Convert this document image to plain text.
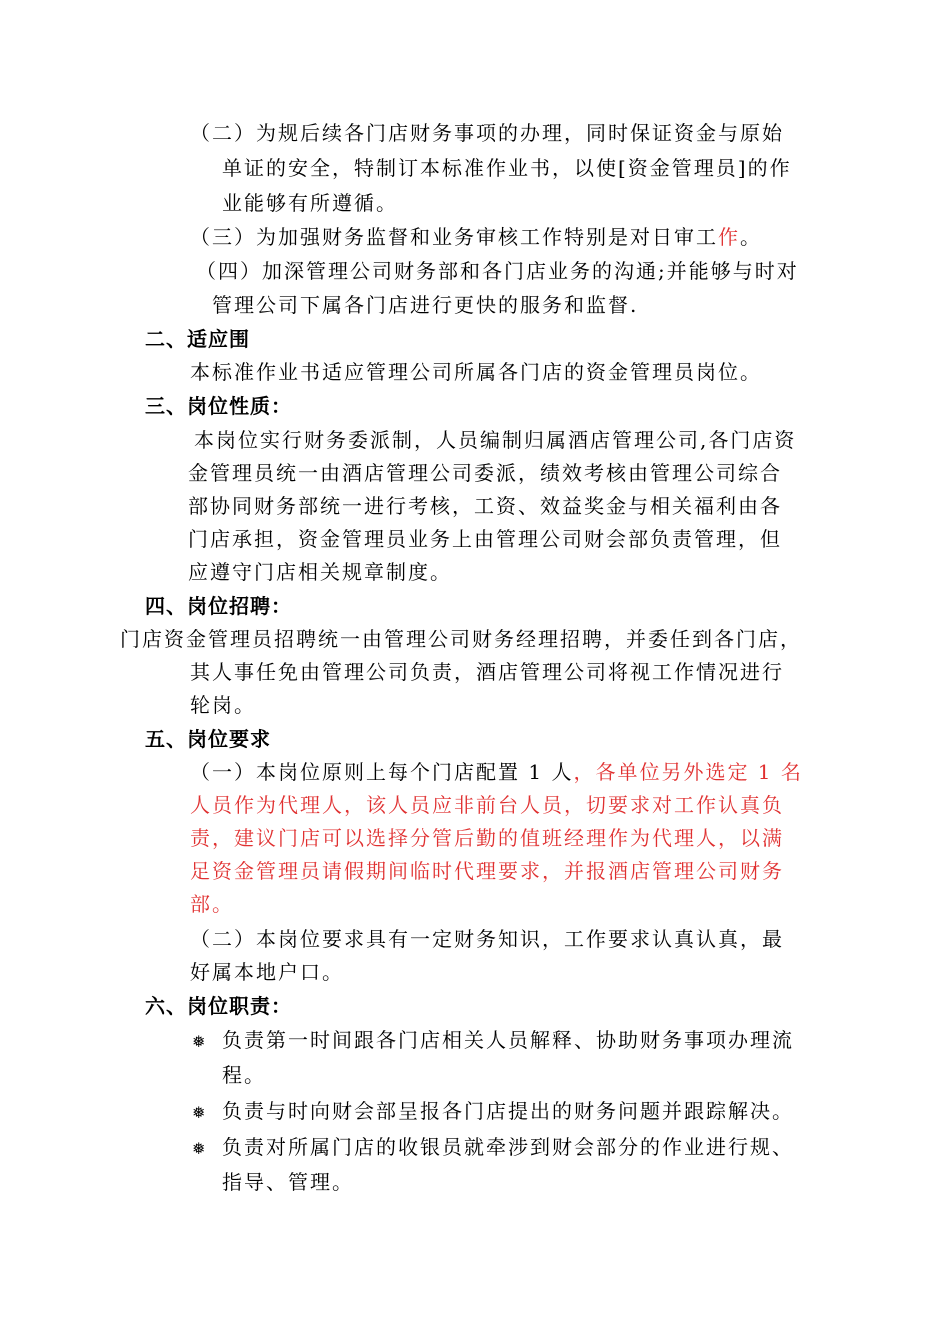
（二）为规后续各门店财务事项的办理，同时保证资金与原始
单证的安全，特制订本标准作业书，以使[资金管理员]的作
业能够有所遵循。
（三）为加强财务监督和业务审核工作特别是对日审工作。
（四）加深管理公司财务部和各门店业务的沟通;并能够与时对
管理公司下属各门店进行更快的服务和监督.
二、适应围
本标准作业书适应管理公司所属各门店的资金管理员岗位。
三、岗位性质：
本岗位实行财务委派制，人员编制归属酒店管理公司,各门店资
金管理员统一由酒店管理公司委派，绩效考核由管理公司综合
部协同财务部统一进行考核，工资、效益奖金与相关福利由各
门店承担，资金管理员业务上由管理公司财会部负责管理，但
应遵守门店相关规章制度。
四、岗位招聘：
门店资金管理员招聘统一由管理公司财务经理招聘，并委任到各门店，
其人事任免由管理公司负责，酒店管理公司将视工作情况进行
轮岗。
五、岗位要求
（一）本岗位原则上每个门店配置 1 人，各单位另外选定 1 名
人员作为代理人，该人员应非前台人员，切要求对工作认真负
责，建议门店可以选择分管后勤的值班经理作为代理人，以满
足资金管理员请假期间临时代理要求，并报酒店管理公司财务
部。
（二）本岗位要求具有一定财务知识，工作要求认真认真，最
好属本地户口。
六、岗位职责：
❅ 负责第一时间跟各门店相关人员解释、协助财务事项办理流
程。
❅ 负责与时向财会部呈报各门店提出的财务问题并跟踪解决。
❅ 负责对所属门店的收银员就牵涉到财会部分的作业进行规、
指导、管理。
